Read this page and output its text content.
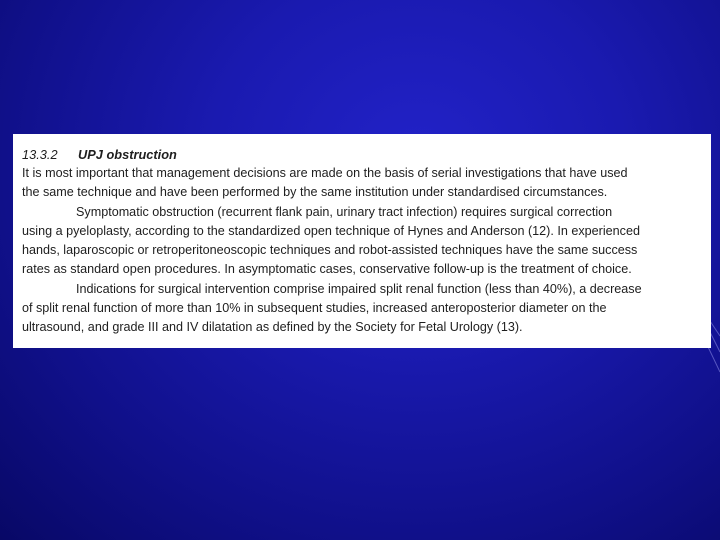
13.3.2	UPJ obstruction
It is most important that management decisions are made on the basis of serial investigations that have used
the same technique and have been performed by the same institution under standardised circumstances.
Symptomatic obstruction (recurrent flank pain, urinary tract infection) requires surgical correction
using a pyeloplasty, according to the standardized open technique of Hynes and Anderson (12). In experienced
hands, laparoscopic or retroperitoneoscopic techniques and robot-assisted techniques have the same success
rates as standard open procedures. In asymptomatic cases, conservative follow-up is the treatment of choice.
Indications for surgical intervention comprise impaired split renal function (less than 40%), a decrease
of split renal function of more than 10% in subsequent studies, increased anteroposterior diameter on the
ultrasound, and grade III and IV dilatation as defined by the Society for Fetal Urology (13).
